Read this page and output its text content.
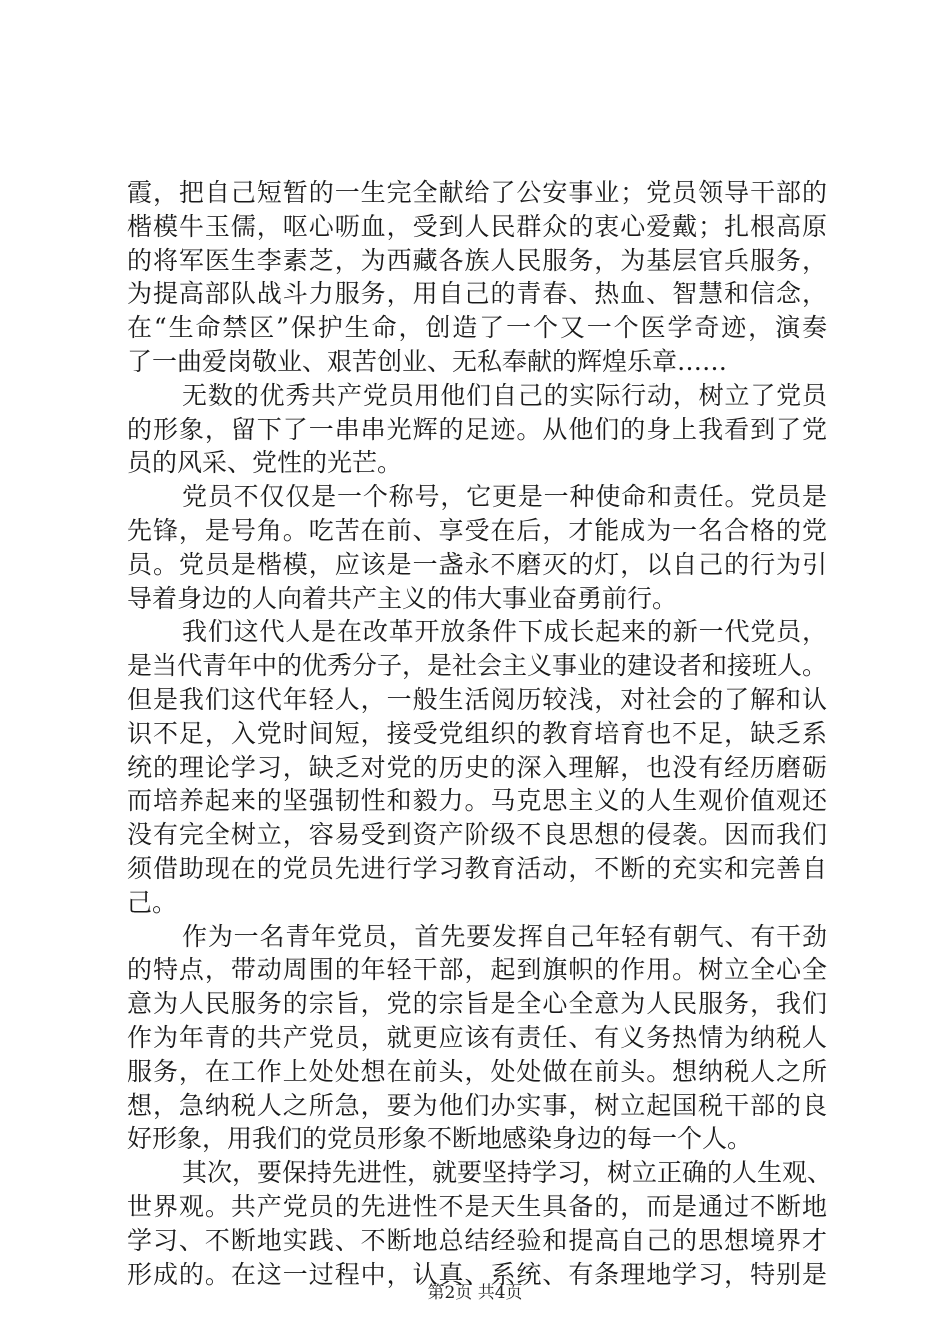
霞，把自己短暂的一生完全献给了公安事业；党员领导干部的
楷模牛玉儒，呕心呖血，受到人民群众的衷心爱戴；扎根高原
的将军医生李素芝，为西藏各族人民服务，为基层官兵服务，
为提高部队战斗力服务，用自己的青春、热血、智慧和信念，
在“生命禁区”保护生命，创造了一个又一个医学奇迹，演奏
了一曲爱岗敬业、艰苦创业、无私奉献的辉煌乐章……
无数的优秀共产党员用他们自己的实际行动，树立了党员
的形象，留下了一串串光辉的足迹。从他们的身上我看到了党
员的风采、党性的光芒。
党员不仅仅是一个称号，它更是一种使命和责任。党员是
先锋，是号角。吃苦在前、享受在后，才能成为一名合格的党
员。党员是楷模，应该是一盏永不磨灭的灯，以自己的行为引
导着身边的人向着共产主义的伟大事业奋勇前行。
我们这代人是在改革开放条件下成长起来的新一代党员，
是当代青年中的优秀分子，是社会主义事业的建设者和接班人。
但是我们这代年轻人，一般生活阅历较浅，对社会的了解和认
识不足，入党时间短，接受党组织的教育培育也不足，缺乏系
统的理论学习，缺乏对党的历史的深入理解，也没有经历磨砺
而培养起来的坚强韧性和毅力。马克思主义的人生观价值观还
没有完全树立，容易受到资产阶级不良思想的侵袭。因而我们
须借助现在的党员先进行学习教育活动，不断的充实和完善自
己。
作为一名青年党员，首先要发挥自己年轻有朝气、有干劲
的特点，带动周围的年轻干部，起到旗帜的作用。树立全心全
意为人民服务的宗旨，党的宗旨是全心全意为人民服务，我们
作为年青的共产党员，就更应该有责任、有义务热情为纳税人
服务，在工作上处处想在前头，处处做在前头。想纳税人之所
想，急纳税人之所急，要为他们办实事，树立起国税干部的良
好形象，用我们的党员形象不断地感染身边的每一个人。
其次，要保持先进性，就要坚持学习，树立正确的人生观、
世界观。共产党员的先进性不是天生具备的，而是通过不断地
学习、不断地实践、不断地总结经验和提高自己的思想境界才
形成的。在这一过程中，认真、系统、有条理地学习，特别是
第2页 共4页
